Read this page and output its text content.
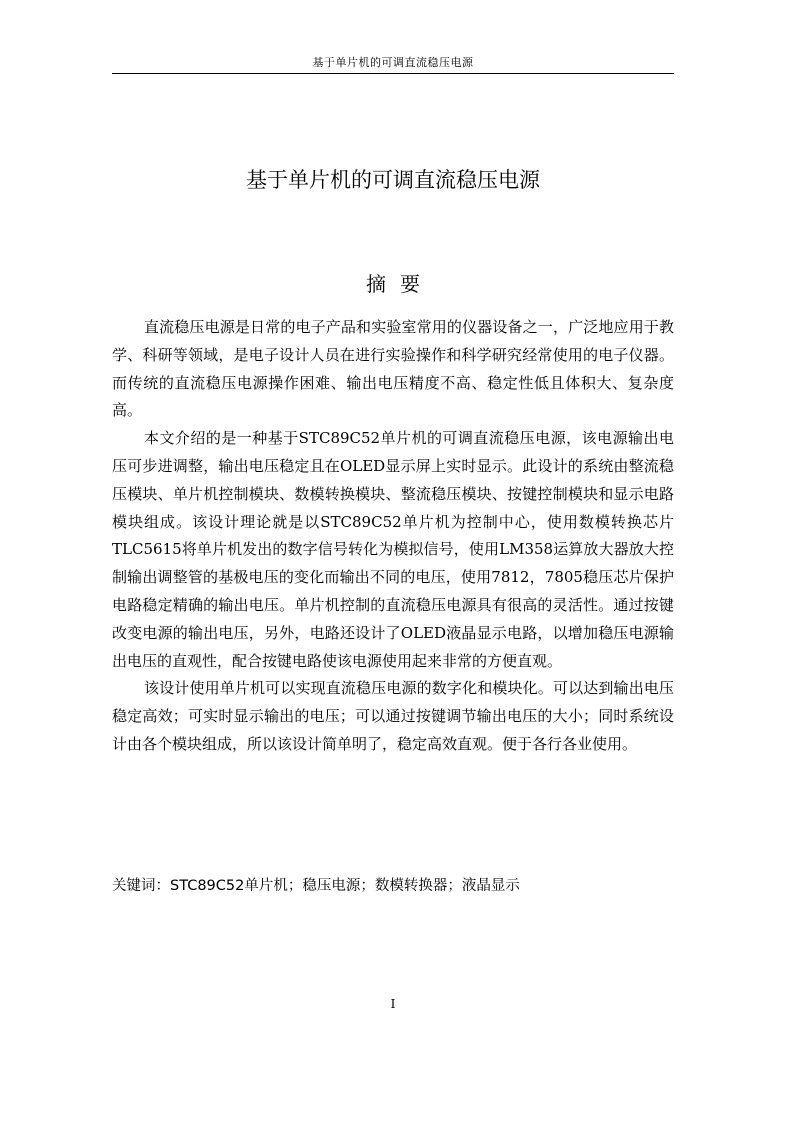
基于单片机的可调直流稳压电源
基于单片机的可调直流稳压电源
摘要

直流稳压电源是日常的电子产品和实验室常用的仪器设备之一，广泛地应用于教学、科研等领域，是电子设计人员在进行实验操作和科学研究经常使用的电子仪器。而传统的直流稳压电源操作困难、输出电压精度不高、稳定性低且体积大、复杂度高。

本文介绍的是一种基于STC89C52单片机的可调直流稳压电源，该电源输出电压可步进调整，输出电压稳定且在OLED显示屏上实时显示。此设计的系统由整流稳压模块、单片机控制模块、数模转换模块、整流稳压模块、按键控制模块和显示电路模块组成。该设计理论就是以STC89C52单片机为控制中心，使用数模转换芯片TLC5615将单片机发出的数字信号转化为模拟信号，使用LM358运算放大器放大控制输出调整管的基极电压的变化而输出不同的电压，使用7812，7805稳压芯片保护电路稳定精确的输出电压。单片机控制的直流稳压电源具有很高的灵活性。通过按键改变电源的输出电压，另外，电路还设计了OLED液晶显示电路，以增加稳压电源输出电压的直观性，配合按键电路使该电源使用起来非常的方便直观。

该设计使用单片机可以实现直流稳压电源的数字化和模块化。可以达到输出电压稳定高效；可实时显示输出的电压；可以通过按键调节输出电压的大小；同时系统设计由各个模块组成，所以该设计简单明了，稳定高效直观。便于各行各业使用。

关键词：STC89C52单片机；稳压电源；数模转换器；液晶显示
I
